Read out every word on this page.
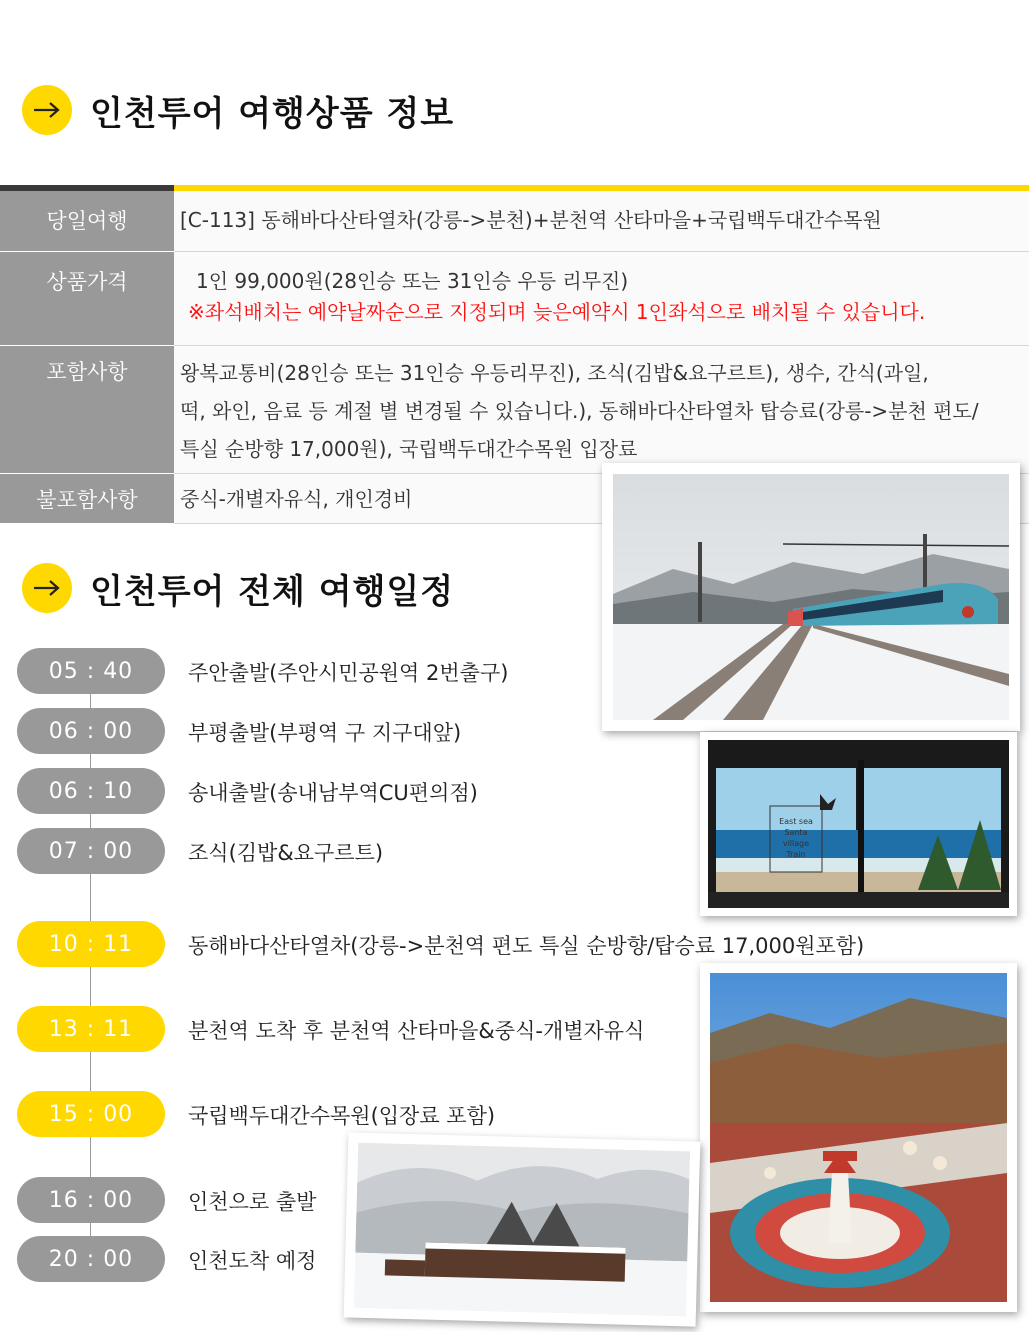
인천투어 여행상품 정보
당일여행	[C-113] 동해바다산타열차(강릉->분천)+분천역 산타마을+국립백두대간수목원
상품가격	1인 99,000원(28인승 또는 31인승 우등 리무진)
※좌석배치는 예약날짜순으로 지정되며 늦은예약시 1인좌석으로 배치될 수 있습니다.

포함사항	왕복교통비(28인승 또는 31인승 우등리무진), 조식(김밥&요구르트), 생수, 간식(과일,
떡, 와인, 음료 등 계절 별 변경될 수 있습니다.), 동해바다산타열차 탑승료(강릉->분천 편도/
특실 순방향 17,000원), 국립백두대간수목원 입장료

불포함사항	중식-개별자유식, 개인경비
인천투어 전체 여행일정
05 : 40	주안출발(주안시민공원역 2번출구)
06 : 00	부평출발(부평역 구 지구대앞)
06 : 10	송내출발(송내남부역CU편의점)
07 : 00	조식(김밥&요구르트)
10 : 11	동해바다산타열차(강릉->분천역 편도 특실 순방향/탑승료 17,000원포함)
13 : 11	분천역 도착 후 분천역 산타마을&중식-개별자유식
15 : 00	국립백두대간수목원(입장료 포함)
16 : 00	인천으로 출발
20 : 00	인천도착 예정
East sea
Santa
village
Train
